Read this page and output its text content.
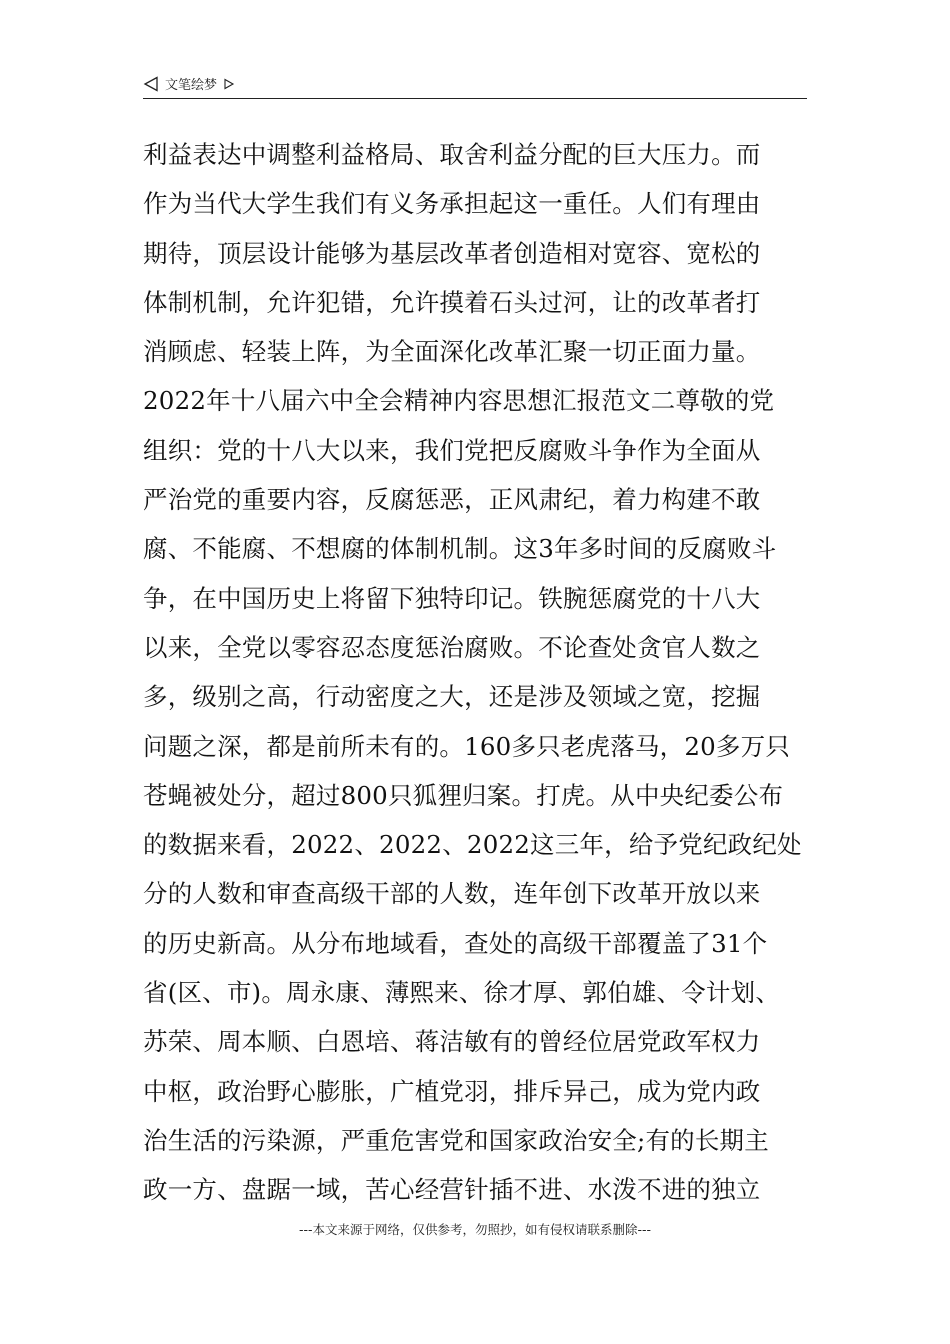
文笔绘梦
利益表达中调整利益格局、取舍利益分配的巨大压力。而
作为当代大学生我们有义务承担起这一重任。人们有理由
期待，顶层设计能够为基层改革者创造相对宽容、宽松的
体制机制，允许犯错，允许摸着石头过河，让的改革者打
消顾虑、轻装上阵，为全面深化改革汇聚一切正面力量。
2022年十八届六中全会精神内容思想汇报范文二尊敬的党
组织：党的十八大以来，我们党把反腐败斗争作为全面从
严治党的重要内容，反腐惩恶，正风肃纪，着力构建不敢
腐、不能腐、不想腐的体制机制。这3年多时间的反腐败斗
争，在中国历史上将留下独特印记。铁腕惩腐党的十八大
以来，全党以零容忍态度惩治腐败。不论查处贪官人数之
多，级别之高，行动密度之大，还是涉及领域之宽，挖掘
问题之深，都是前所未有的。160多只老虎落马，20多万只
苍蝇被处分，超过800只狐狸归案。打虎。从中央纪委公布
的数据来看，2022、2022、2022这三年，给予党纪政纪处
分的人数和审查高级干部的人数，连年创下改革开放以来
的历史新高。从分布地域看，查处的高级干部覆盖了31个
省(区、市)。周永康、薄熙来、徐才厚、郭伯雄、令计划、
苏荣、周本顺、白恩培、蒋洁敏有的曾经位居党政军权力
中枢，政治野心膨胀，广植党羽，排斥异己，成为党内政
治生活的污染源，严重危害党和国家政治安全;有的长期主
政一方、盘踞一域，苦心经营针插不进、水泼不进的独立
---本文来源于网络，仅供参考，勿照抄，如有侵权请联系删除---
